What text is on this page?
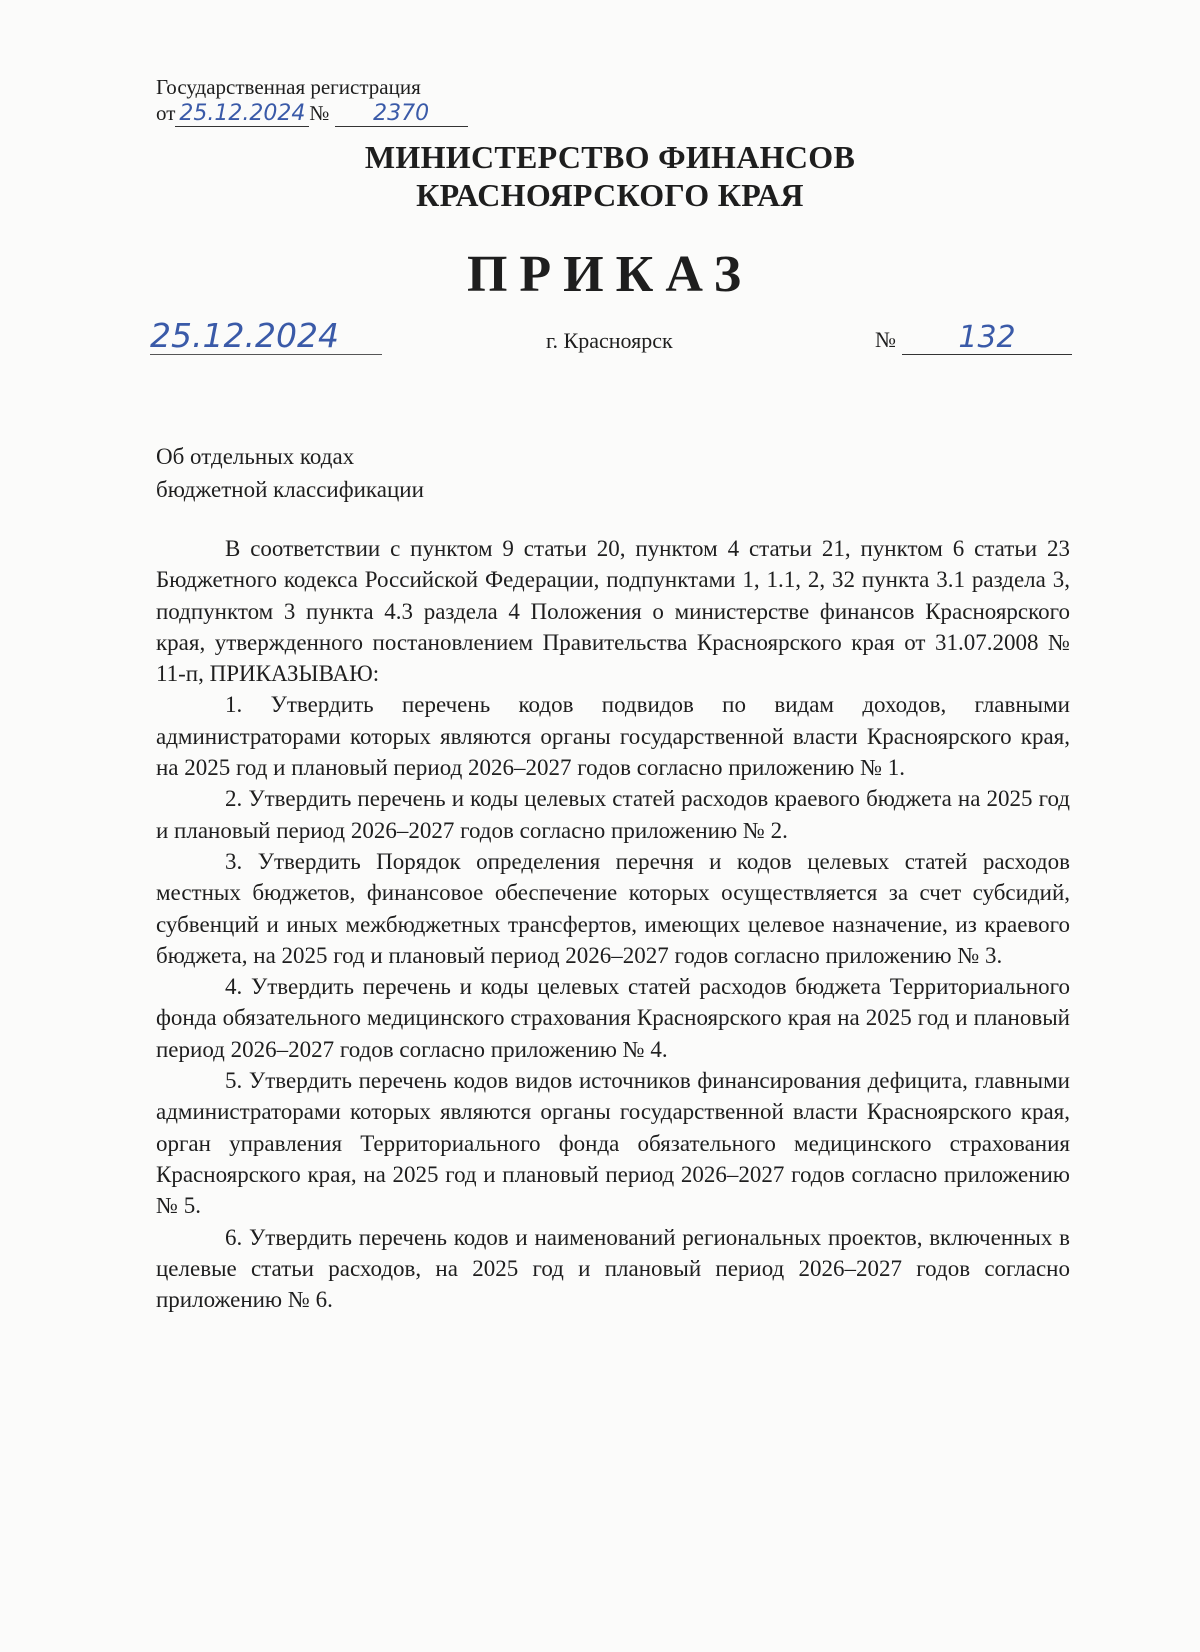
Государственная регистрация
от 25.12.2024 № 2370
МИНИСТЕРСТВО ФИНАНСОВ
КРАСНОЯРСКОГО КРАЯ
ПРИКАЗ
25.12.2024	г. Красноярск	№ 132
Об отдельных кодах
бюджетной классификации

В соответствии с пунктом 9 статьи 20, пунктом 4 статьи 21, пунктом 6 статьи 23 Бюджетного кодекса Российской Федерации, подпунктами 1, 1.1, 2, 32 пункта 3.1 раздела 3, подпунктом 3 пункта 4.3 раздела 4 Положения о министерстве финансов Красноярского края, утвержденного постановлением Правительства Красноярского края от 31.07.2008 № 11-п, ПРИКАЗЫВАЮ:

1. Утвердить перечень кодов подвидов по видам доходов, главными администраторами которых являются органы государственной власти Красноярского края, на 2025 год и плановый период 2026–2027 годов согласно приложению № 1.

2. Утвердить перечень и коды целевых статей расходов краевого бюджета на 2025 год и плановый период 2026–2027 годов согласно приложению № 2.

3. Утвердить Порядок определения перечня и кодов целевых статей расходов местных бюджетов, финансовое обеспечение которых осуществляется за счет субсидий, субвенций и иных межбюджетных трансфертов, имеющих целевое назначение, из краевого бюджета, на 2025 год и плановый период 2026–2027 годов согласно приложению № 3.

4. Утвердить перечень и коды целевых статей расходов бюджета Территориального фонда обязательного медицинского страхования Красноярского края на 2025 год и плановый период 2026–2027 годов согласно приложению № 4.

5. Утвердить перечень кодов видов источников финансирования дефицита, главными администраторами которых являются органы государственной власти Красноярского края, орган управления Территориального фонда обязательного медицинского страхования Красноярского края, на 2025 год и плановый период 2026–2027 годов согласно приложению № 5.

6. Утвердить перечень кодов и наименований региональных проектов, включенных в целевые статьи расходов, на 2025 год и плановый период 2026–2027 годов согласно приложению № 6.
